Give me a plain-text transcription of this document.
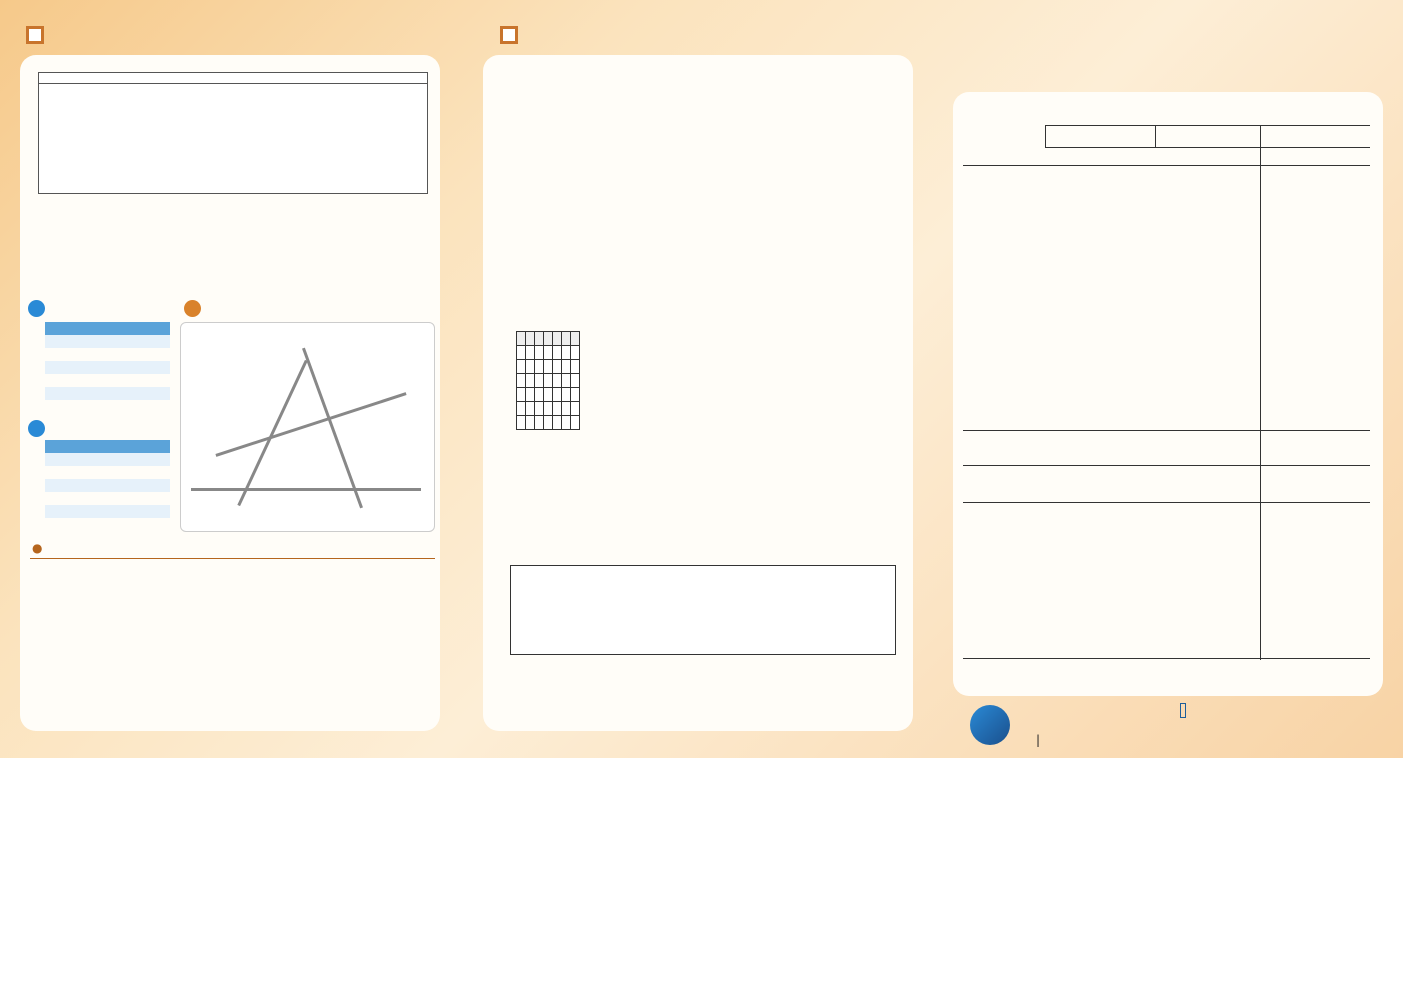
●

|
